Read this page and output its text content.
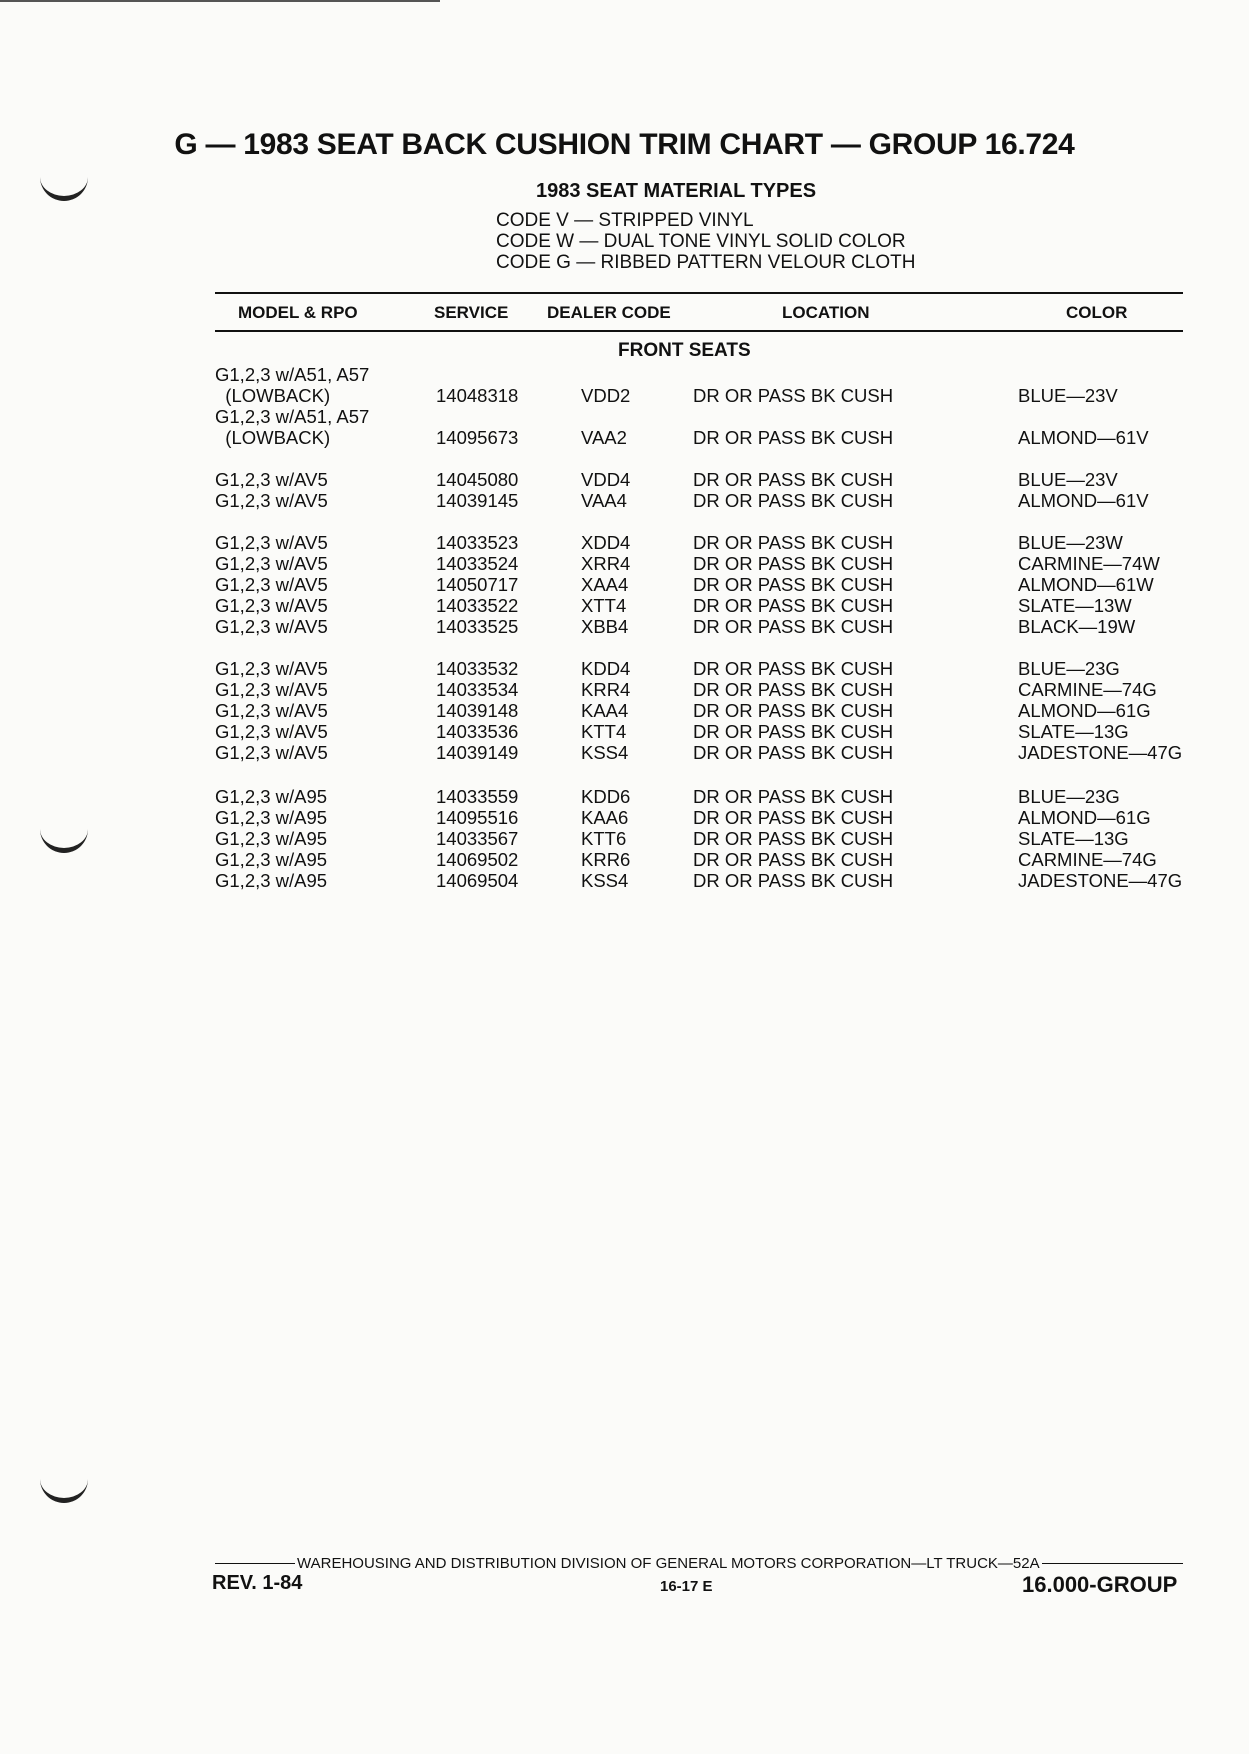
G — 1983 SEAT BACK CUSHION TRIM CHART — GROUP 16.724
1983 SEAT MATERIAL TYPES
CODE V — STRIPPED VINYL
CODE W — DUAL TONE VINYL SOLID COLOR
CODE G — RIBBED PATTERN VELOUR CLOTH
MODEL & RPO	SERVICE DEALER CODE	LOCATION	COLOR
FRONT SEATS
G1,2,3 w/A51, A57
(LOWBACK)	14048318	VDD2	DR OR PASS BK CUSH	BLUE—23V
G1,2,3 w/A51, A57
(LOWBACK)	14095673	VAA2	DR OR PASS BK CUSH	ALMOND—61V
G1,2,3 w/AV5	14045080	VDD4	DR OR PASS BK CUSH	BLUE—23V
G1,2,3 w/AV5	14039145	VAA4	DR OR PASS BK CUSH	ALMOND—61V
G1,2,3 w/AV5	14033523	XDD4	DR OR PASS BK CUSH	BLUE—23W
G1,2,3 w/AV5	14033524	XRR4	DR OR PASS BK CUSH	CARMINE—74W
G1,2,3 w/AV5	14050717	XAA4	DR OR PASS BK CUSH	ALMOND—61W
G1,2,3 w/AV5	14033522	XTT4	DR OR PASS BK CUSH	SLATE—13W
G1,2,3 w/AV5	14033525	XBB4	DR OR PASS BK CUSH	BLACK—19W
G1,2,3 w/AV5	14033532	KDD4	DR OR PASS BK CUSH	BLUE—23G
G1,2,3 w/AV5	14033534	KRR4	DR OR PASS BK CUSH	CARMINE—74G
G1,2,3 w/AV5	14039148	KAA4	DR OR PASS BK CUSH	ALMOND—61G
G1,2,3 w/AV5	14033536	KTT4	DR OR PASS BK CUSH	SLATE—13G
G1,2,3 w/AV5	14039149	KSS4	DR OR PASS BK CUSH	JADESTONE—47G
G1,2,3 w/A95	14033559	KDD6	DR OR PASS BK CUSH	BLUE—23G
G1,2,3 w/A95	14095516	KAA6	DR OR PASS BK CUSH	ALMOND—61G
G1,2,3 w/A95	14033567	KTT6	DR OR PASS BK CUSH	SLATE—13G
G1,2,3 w/A95	14069502	KRR6	DR OR PASS BK CUSH	CARMINE—74G
G1,2,3 w/A95	14069504	KSS4	DR OR PASS BK CUSH	JADESTONE—47G
WAREHOUSING AND DISTRIBUTION DIVISION OF GENERAL MOTORS CORPORATION—LT TRUCK—52A
REV. 1-84	16-17 E	16.000-GROUP
